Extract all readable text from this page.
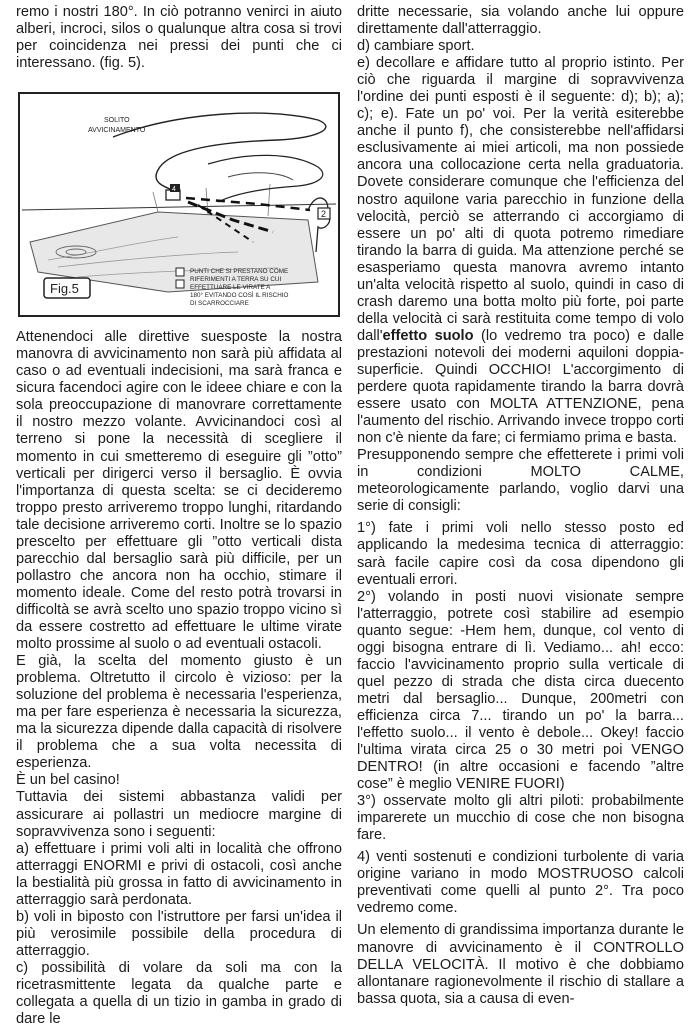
remo i nostri 180°. In ciò potranno venirci in aiuto alberi, incroci, silos o qualunque altra cosa si trovi per coincidenza nei pressi dei punti che ci interessano. (fig. 5).

SOLITO
AVVICINAMENTO
4
2
PUNTI CHE SI PRESTANO COME
RIFERIMENTI A TERRA SU CUI
EFFETTUARE LE VIRATE A
180° EVITANDO COSÌ IL RISCHIO
DI SCARROCCIARE
Fig.5

Attenendoci alle direttive suesposte la nostra manovra di avvicinamento non sarà più affidata al caso o ad eventuali indecisioni, ma sarà franca e sicura facendoci agire con le ideee chiare e con la sola preoccupazione di manovrare correttamente il nostro mezzo volante. Avvicinandoci così al terreno si pone la necessità di scegliere il momento in cui smetteremo di eseguire gli ”otto” verticali per dirigerci verso il bersaglio. È ovvia l'importanza di questa scelta: se ci decideremo troppo presto arriveremo troppo lunghi, ritardando tale decisione arriveremo corti. Inoltre se lo spazio prescelto per effettuare gli ”otto verticali dista parecchio dal bersaglio sarà più difficile, per un pollastro che ancora non ha occhio, stimare il momento ideale. Come del resto potrà trovarsi in difficoltà se avrà scelto uno spazio troppo vicino sì da essere costretto ad effettuare le ultime virate molto prossime al suolo o ad eventuali ostacoli.

E già, la scelta del momento giusto è un problema. Oltretutto il circolo è vizioso: per la soluzione del problema è necessaria l'esperienza, ma per fare esperienza è necessaria la sicurezza, ma la sicurezza dipende dalla capacità di risolvere il problema che a sua volta necessita di esperienza.

È un bel casino!

Tuttavia dei sistemi abbastanza validi per assicurare ai pollastri un mediocre margine di sopravvivenza sono i seguenti:

a) effettuare i primi voli alti in località che offrono atterraggi ENORMI e privi di ostacoli, così anche la bestialità più grossa in fatto di avvicinamento in atterraggio sarà perdonata.

b) voli in biposto con l'istruttore per farsi un'idea il più verosimile possibile della procedura di atterraggio.

c) possibilità di volare da soli ma con la ricetrasmittente legata da qualche parte e collegata a quella di un tizio in gamba in grado di dare le

dritte necessarie, sia volando anche lui oppure direttamente dall'atterraggio.

d) cambiare sport.

e) decollare e affidare tutto al proprio istinto. Per ciò che riguarda il margine di sopravvivenza l'ordine dei punti esposti è il seguente: d); b); a); c); e). Fate un po' voi. Per la verità esiterebbe anche il punto f), che consisterebbe nell'affidarsi esclusivamente ai miei articoli, ma non possiede ancora una collocazione certa nella graduatoria. Dovete considerare comunque che l'efficienza del nostro aquilone varia parecchio in funzione della velocità, perciò se atterrando ci accorgiamo di essere un po' alti di quota potremo rimediare tirando la barra di guida. Ma attenzione perché se esasperiamo questa manovra avremo intanto un'alta velocità rispetto al suolo, quindi in caso di crash daremo una botta molto più forte, poi parte della velocità ci sarà restituita come tempo di volo dall'effetto suolo (lo vedremo tra poco) e dalle prestazioni notevoli dei moderni aquiloni doppia-superficie. Quindi OCCHIO! L'accorgimento di perdere quota rapidamente tirando la barra dovrà essere usato con MOLTA ATTENZIONE, pena l'aumento del rischio. Arrivando invece troppo corti non c'è niente da fare; ci fermiamo prima e basta.

Presupponendo sempre che effetterete i primi voli in condizioni MOLTO CALME, meteorologicamente parlando, voglio darvi una serie di consigli:

1°) fate i primi voli nello stesso posto ed applicando la medesima tecnica di atterraggio: sarà facile capire così da cosa dipendono gli eventuali errori.

2°) volando in posti nuovi visionate sempre l'atterraggio, potrete così stabilire ad esempio quanto segue: -Hem hem, dunque, col vento di oggi bisogna entrare di lì. Vediamo... ah! ecco: faccio l'avvicinamento proprio sulla verticale di quel pezzo di strada che dista circa duecento metri dal bersaglio... Dunque, 200metri con efficienza circa 7... tirando un po' la barra... l'effetto suolo... il vento è debole... Okey! faccio l'ultima virata circa 25 o 30 metri poi VENGO DENTRO! (in altre occasioni e facendo ”altre cose” è meglio VENIRE FUORI)

3°) osservate molto gli altri piloti: probabilmente imparerete un mucchio di cose che non bisogna fare.

4) venti sostenuti e condizioni turbolente di varia origine variano in modo MOSTRUOSO calcoli preventivati come quelli al punto 2°. Tra poco vedremo come.

Un elemento di grandissima importanza durante le manovre di avvicinamento è il CONTROLLO DELLA VELOCITÀ. Il motivo è che dobbiamo allontanare ragionevolmente il rischio di stallare a bassa quota, sia a causa di even-
